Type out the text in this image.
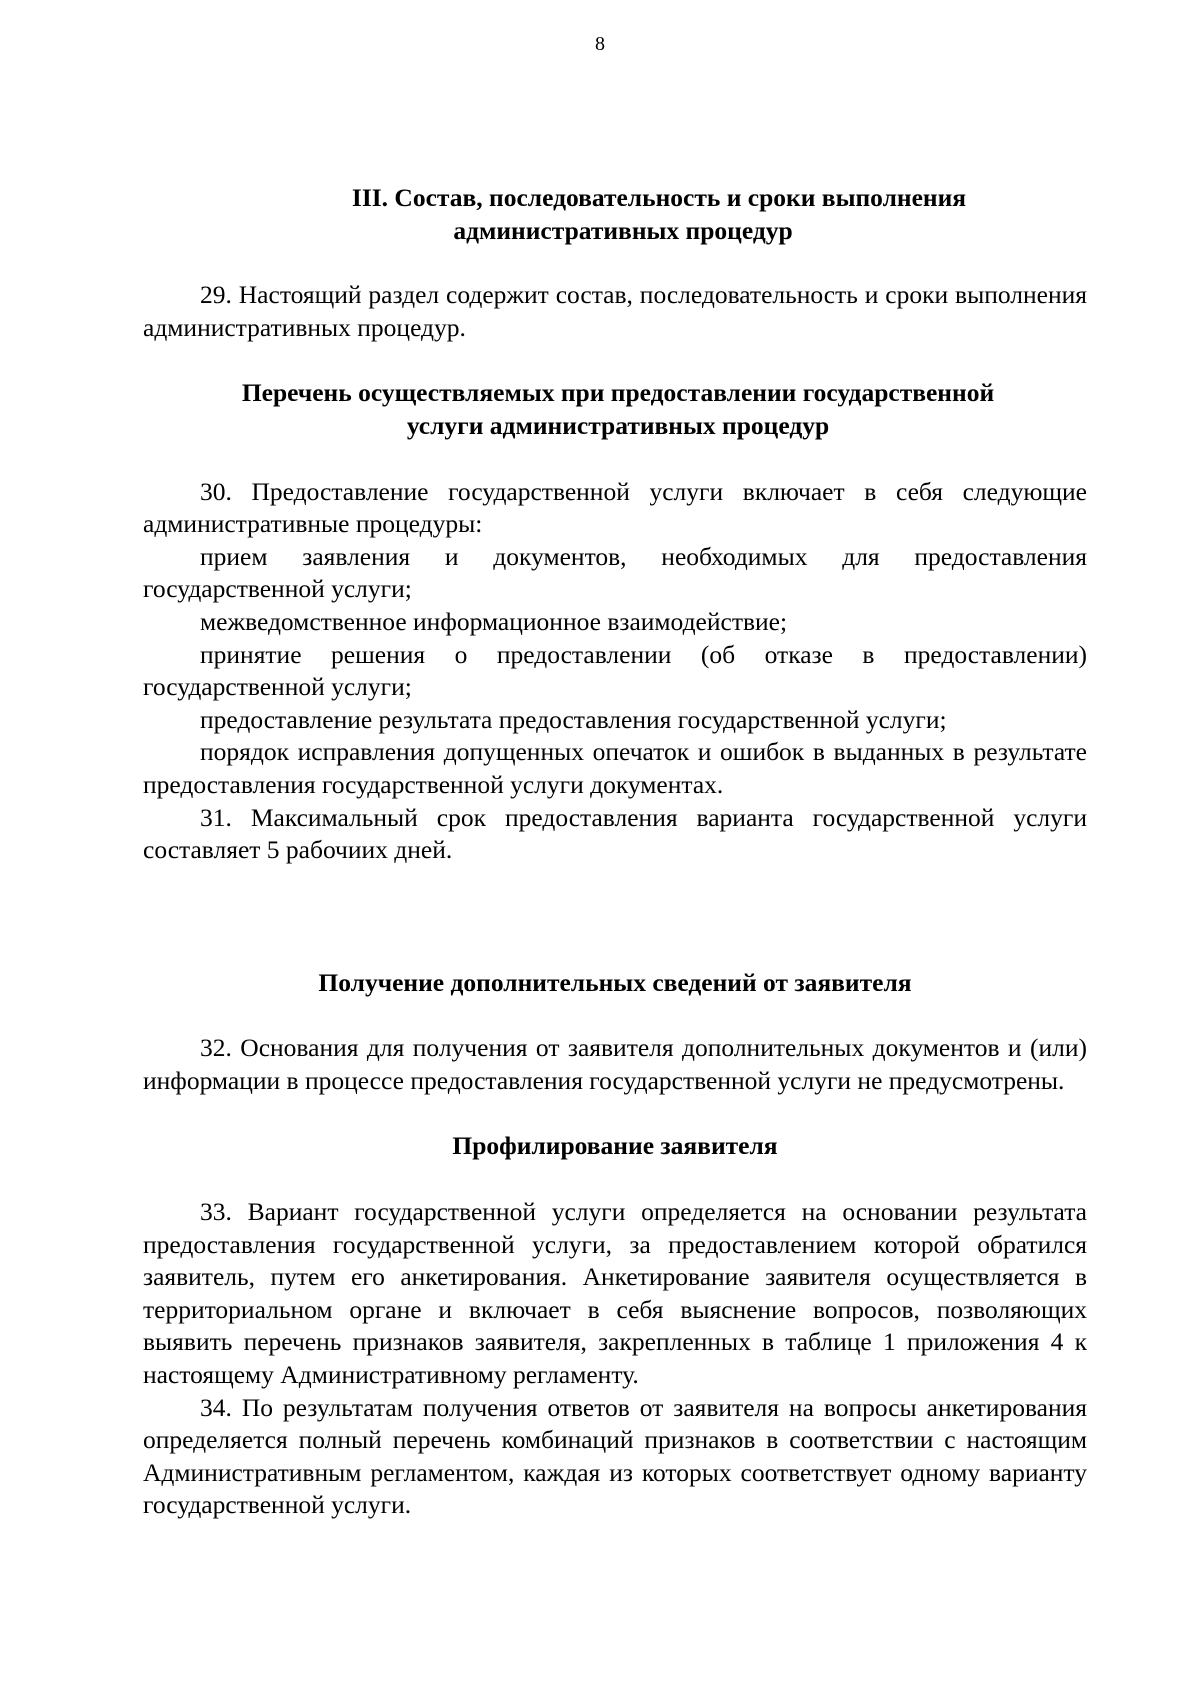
8
III. Состав, последовательность и сроки выполнения
административных процедур

29. Настоящий раздел содержит состав, последовательность и сроки выполнения административных процедур.

Перечень осуществляемых при предоставлении государственной
услуги административных процедур

30. Предоставление государственной услуги включает в себя следующие административные процедуры:

прием заявления и документов, необходимых для предоставления государственной услуги;

межведомственное информационное взаимодействие;

принятие решения о предоставлении (об отказе в предоставлении) государственной услуги;

предоставление результата предоставления государственной услуги;

порядок исправления допущенных опечаток и ошибок в выданных в результате предоставления государственной услуги документах.

31. Максимальный срок предоставления варианта государственной услуги составляет 5 рабочиих дней.

Получение дополнительных сведений от заявителя

32. Основания для получения от заявителя дополнительных документов и (или) информации в процессе предоставления государственной услуги не предусмотрены.

Профилирование заявителя

33. Вариант государственной услуги определяется на основании результата предоставления государственной услуги, за предоставлением которой обратился заявитель, путем его анкетирования. Анкетирование заявителя осуществляется в территориальном органе и включает в себя выяснение вопросов, позволяющих выявить перечень признаков заявителя, закрепленных в таблице 1 приложения 4 к настоящему Административному регламенту.

34. По результатам получения ответов от заявителя на вопросы анкетирования определяется полный перечень комбинаций признаков в соответствии с настоящим Административным регламентом, каждая из которых соответствует одному варианту государственной услуги.
